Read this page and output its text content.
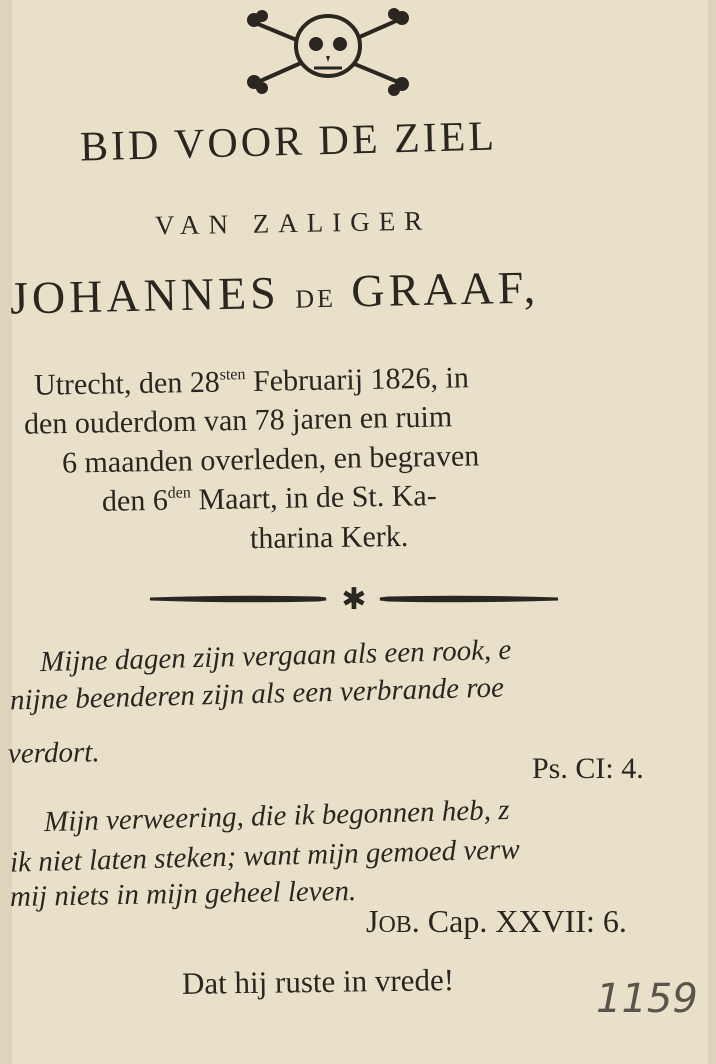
BID VOOR DE ZIEL
VAN ZALIGER
JOHANNES DE GRAAF,
Utrecht, den $28^{sten}$ Februarij 1826, in
den ouderdom van 78 jaren en ruim
6 maanden overleden, en begraven
den $6^{den}$ Maart, in de St. Ka-
tharina Kerk.
✱
Mijne dagen zijn vergaan als een rook, e
nijne beenderen zijn als een verbrande roe
verdort.	Ps. CI: 4.
Mijn verweering, die ik begonnen heb, z
ik niet laten steken; want mijn gemoed verw
mij niets in mijn geheel leven.
JOB. Cap. XXVII: 6.
Dat hij ruste in vrede!	1159
